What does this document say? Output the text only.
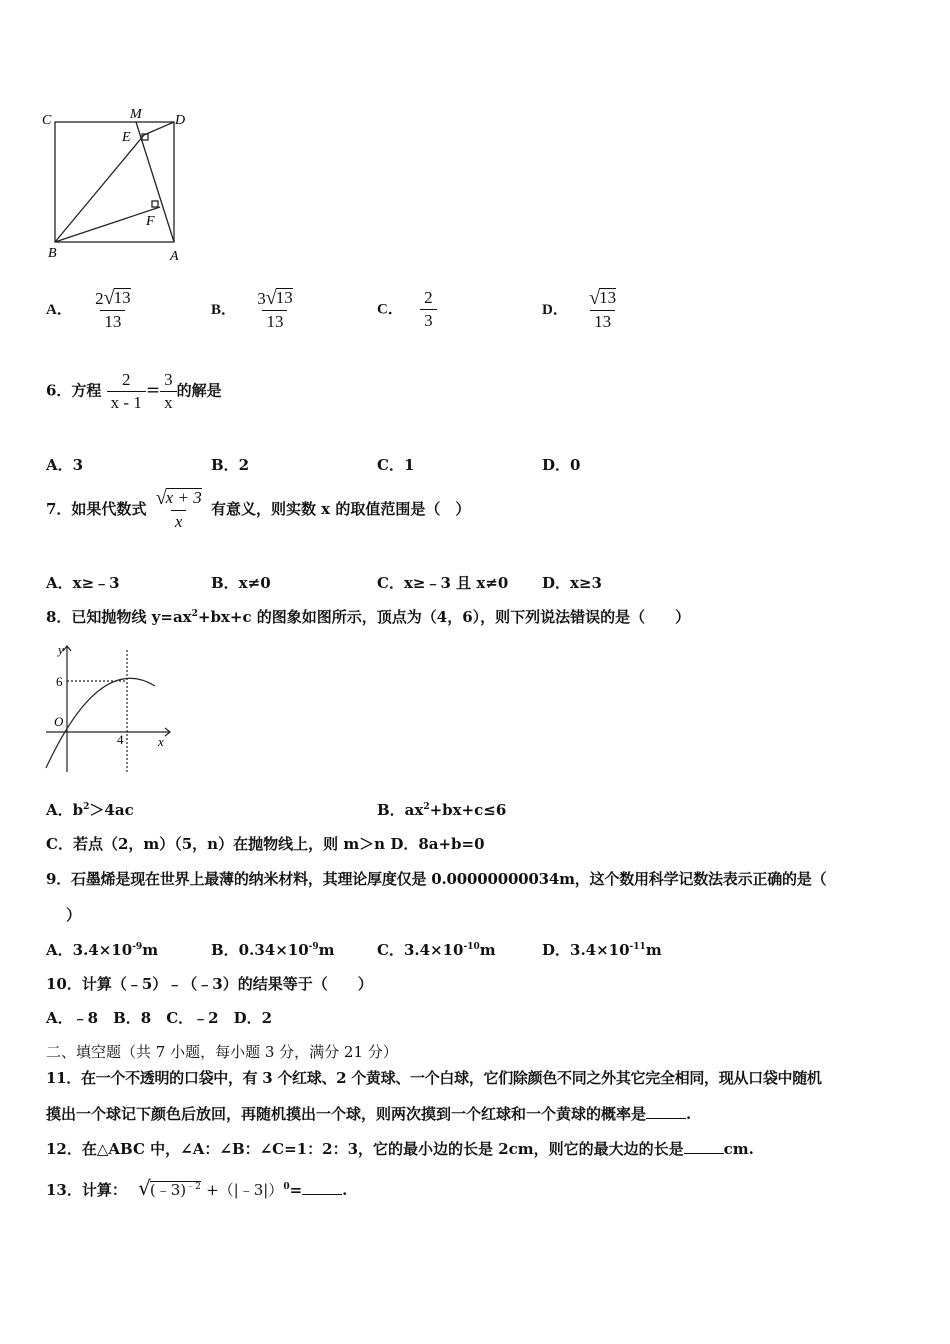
C	M D
E
F
B	A
A． $\frac{2 √ 13}{13}$	B． $\frac{3 √ 13}{13}$	C． $\frac{2}{3}$	D． $\frac{√ 13}{13}$
6．方程 $\frac{2}{x - 1} = \frac{3}{x}$ 的解是
A．3	B．2	C．1	D．0
7．如果代数式 $\frac{√ x + 3}{x}$ 有意义，则实数 x 的取值范围是（　）
A．x≥﹣3	B．x≠0	C．x≥﹣3 且 x≠0 D．x≥3
8．已知抛物线 $y=ax^2+bx+c$ 的图象如图所示，顶点为（4，6），则下列说法错误的是（　　）
y
x
O
6
4
A．$b^2>4ac$	B．$ax^2+bx+c\le 6$
C．若点（2，m）（5，n）在抛物线上，则 m＞n D．8a+b=0
9．石墨烯是现在世界上最薄的纳米材料，其理论厚度仅是 0.00000000034m，这个数用科学记数法表示正确的是（
）
A．$3.4\times 10^{-9}m$	B．$0.34\times 10^{-9}m$	C．$3.4\times 10^{-10}m$	D．$3.4\times 10^{-11}m$
10．计算（﹣5）﹣（﹣3）的结果等于（　　）
A．﹣8　B．8　C．﹣2　D．2
二、填空题（共 7 小题，每小题 3 分，满分 21 分）
11．在一个不透明的口袋中，有 3 个红球、2 个黄球、一个白球，它们除颜色不同之外其它完全相同，现从口袋中随机
摸出一个球记下颜色后放回，再随机摸出一个球，则两次摸到一个红球和一个黄球的概率是	.
12．在△ABC 中，∠A：∠B：∠C=1：2：3，它的最小边的长是 2cm，则它的最大边的长是	cm.
13．计算： √ (﹣3)$^{﹣2}$ +（|﹣3|）$^0$=	.
